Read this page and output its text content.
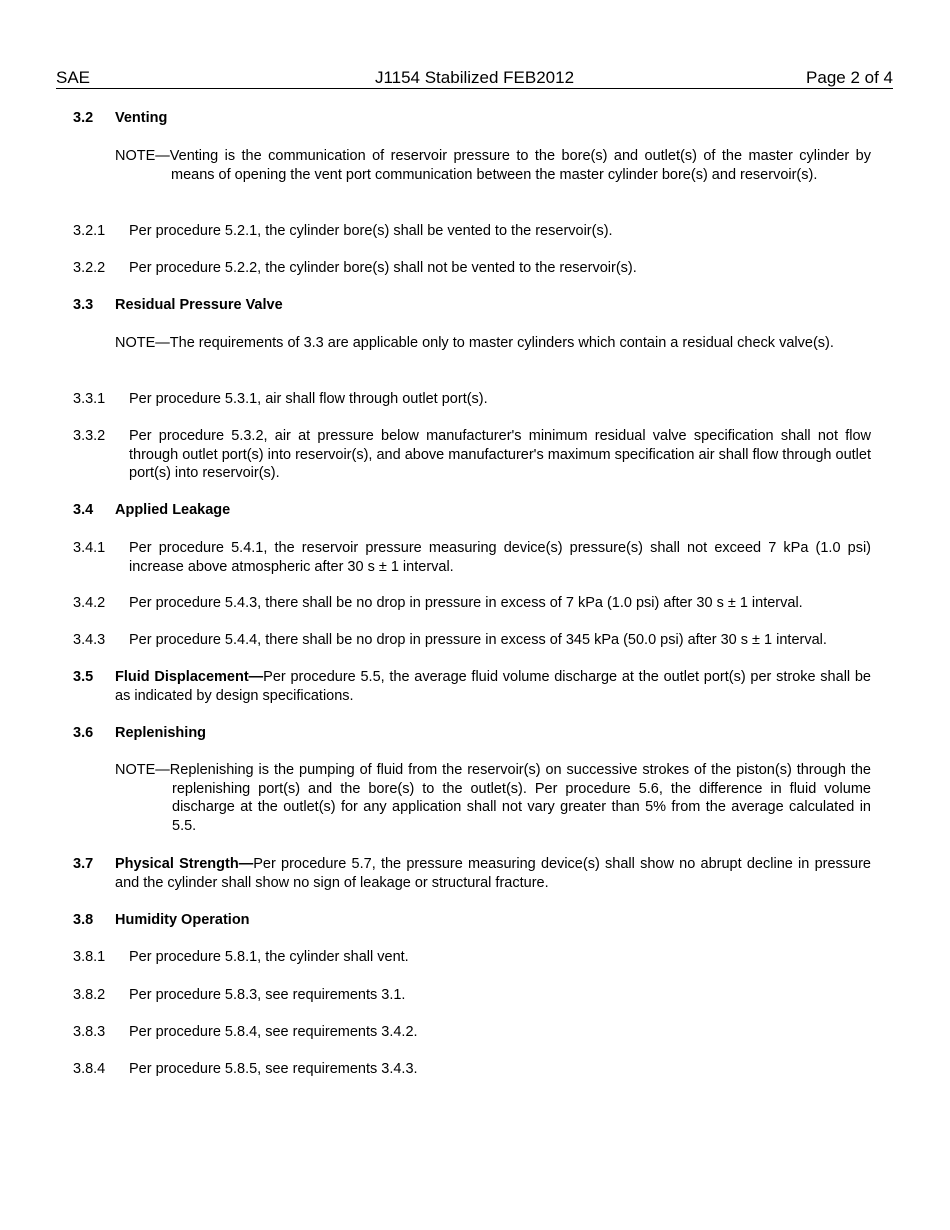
SAE	J1154 Stabilized FEB2012	Page 2 of 4
3.2 Venting
NOTE—Venting is the communication of reservoir pressure to the bore(s) and outlet(s) of the master cylinder by means of opening the vent port communication between the master cylinder bore(s) and reservoir(s).
3.2.1 Per procedure 5.2.1, the cylinder bore(s) shall be vented to the reservoir(s).
3.2.2 Per procedure 5.2.2, the cylinder bore(s) shall not be vented to the reservoir(s).
3.3 Residual Pressure Valve
NOTE—The requirements of 3.3 are applicable only to master cylinders which contain a residual check valve(s).
3.3.1 Per procedure 5.3.1, air shall flow through outlet port(s).
3.3.2 Per procedure 5.3.2, air at pressure below manufacturer's minimum residual valve specification shall not flow through outlet port(s) into reservoir(s), and above manufacturer's maximum specification air shall flow through outlet port(s) into reservoir(s).
3.4 Applied Leakage
3.4.1 Per procedure 5.4.1, the reservoir pressure measuring device(s) pressure(s) shall not exceed 7 kPa (1.0 psi) increase above atmospheric after 30 s ± 1 interval.
3.4.2 Per procedure 5.4.3, there shall be no drop in pressure in excess of 7 kPa (1.0 psi) after 30 s ± 1 interval.
3.4.3 Per procedure 5.4.4, there shall be no drop in pressure in excess of 345 kPa (50.0 psi) after 30 s ± 1 interval.
3.5 Fluid Displacement—Per procedure 5.5, the average fluid volume discharge at the outlet port(s) per stroke shall be as indicated by design specifications.
3.6 Replenishing
NOTE—Replenishing is the pumping of fluid from the reservoir(s) on successive strokes of the piston(s) through the replenishing port(s) and the bore(s) to the outlet(s). Per procedure 5.6, the difference in fluid volume discharge at the outlet(s) for any application shall not vary greater than 5% from the average calculated in 5.5.
3.7 Physical Strength—Per procedure 5.7, the pressure measuring device(s) shall show no abrupt decline in pressure and the cylinder shall show no sign of leakage or structural fracture.
3.8 Humidity Operation
3.8.1 Per procedure 5.8.1, the cylinder shall vent.
3.8.2 Per procedure 5.8.3, see requirements 3.1.
3.8.3 Per procedure 5.8.4, see requirements 3.4.2.
3.8.4 Per procedure 5.8.5, see requirements 3.4.3.
